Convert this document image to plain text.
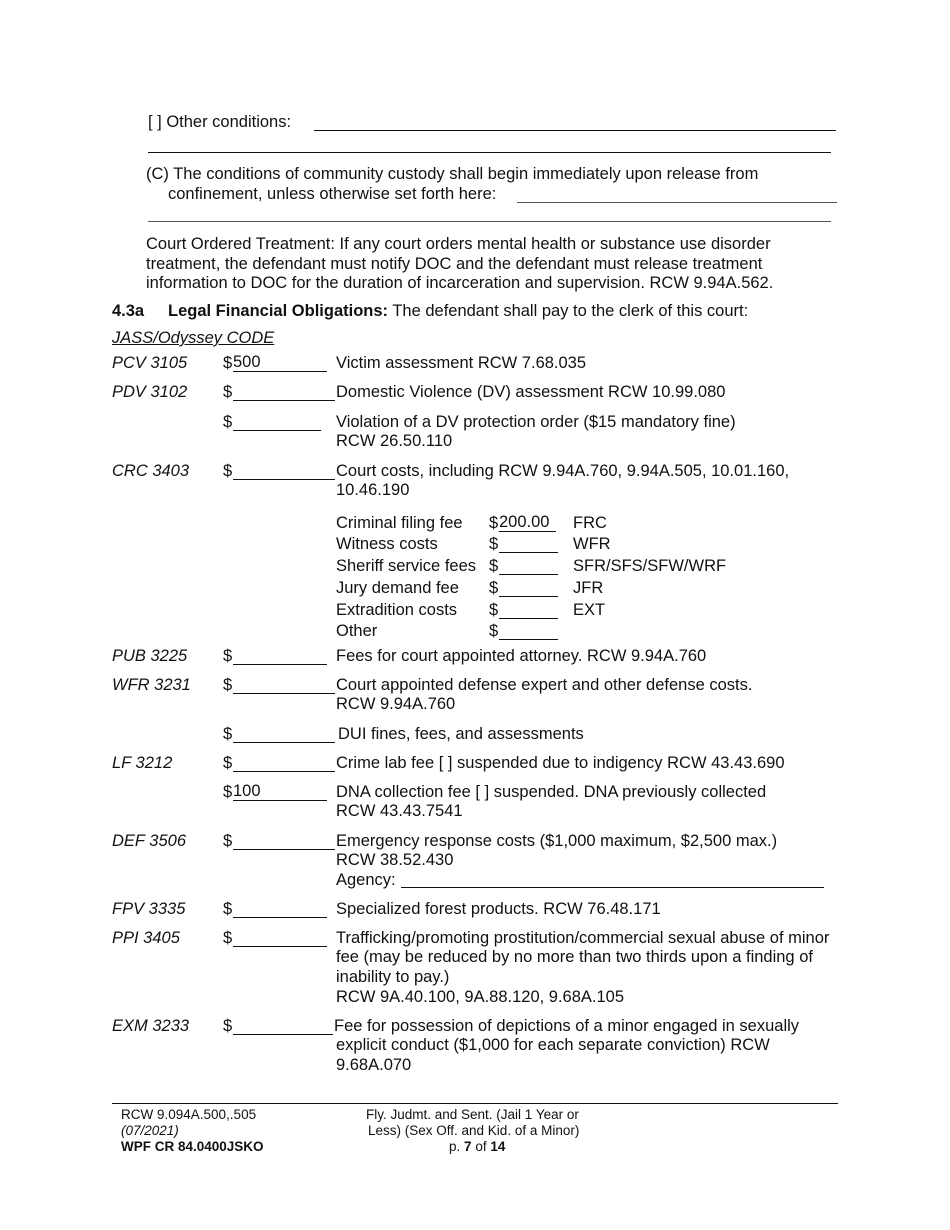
[ ] Other conditions:
(C) The conditions of community custody shall begin immediately upon release from
confinement, unless otherwise set forth here:
Court Ordered Treatment: If any court orders mental health or substance use disorder
treatment, the defendant must notify DOC and the defendant must release treatment
information to DOC for the duration of incarceration and supervision. RCW 9.94A.562.
4.3a Legal Financial Obligations: The defendant shall pay to the clerk of this court:
JASS/Odyssey CODE
PCV 3105 $ 500	Victim assessment RCW 7.68.035
PDV 3102 $	Domestic Violence (DV) assessment RCW 10.99.080
$	Violation of a DV protection order ($15 mandatory fine)
RCW 26.50.110
CRC 3403 $	Court costs, including RCW 9.94A.760, 9.94A.505, 10.01.160,
10.46.190
Criminal filing fee $ 200.00	FRC
Witness costs	$	WFR
Sheriff service fees $	SFR/SFS/SFW/WRF
Jury demand fee $	JFR
Extradition costs $	EXT
Other	$
PUB 3225 $	Fees for court appointed attorney. RCW 9.94A.760
WFR 3231 $	Court appointed defense expert and other defense costs.
RCW 9.94A.760
$	DUI fines, fees, and assessments
LF 3212	$	Crime lab fee [ ] suspended due to indigency RCW 43.43.690
$ 100	DNA collection fee [ ] suspended. DNA previously collected
RCW 43.43.7541
DEF 3506 $	Emergency response costs ($1,000 maximum, $2,500 max.)
RCW 38.52.430
Agency:
FPV 3335 $	Specialized forest products. RCW 76.48.171
PPI 3405	$	Trafficking/promoting prostitution/commercial sexual abuse of minor
fee (may be reduced by no more than two thirds upon a finding of
inability to pay.)
RCW 9A.40.100, 9A.88.120, 9.68A.105
EXM 3233 $	Fee for possession of depictions of a minor engaged in sexually
explicit conduct ($1,000 for each separate conviction) RCW
9.68A.070
RCW 9.094A.500,.505
(07/2021)
WPF CR 84.0400JSKO
Fly. Judmt. and Sent. (Jail 1 Year or
Less) (Sex Off. and Kid. of a Minor)
p. 7 of 14
